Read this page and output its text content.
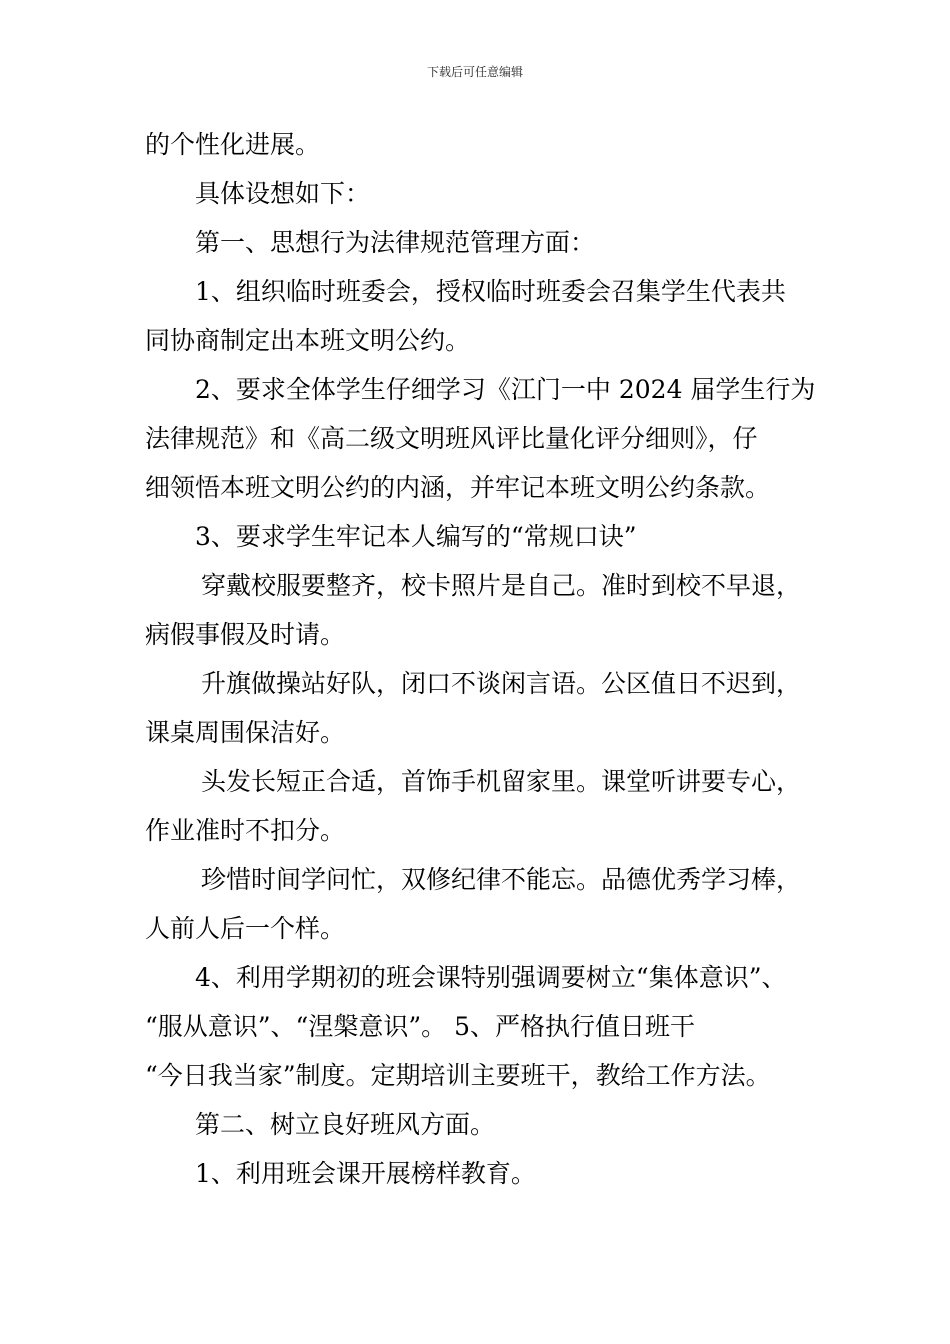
下载后可任意编辑

的个性化进展。

具体设想如下：

第一、思想行为法律规范管理方面：

1、组织临时班委会，授权临时班委会召集学生代表共

同协商制定出本班文明公约。

2、要求全体学生仔细学习《江门一中 2024 届学生行为

法律规范》和《高二级文明班风评比量化评分细则》，仔

细领悟本班文明公约的内涵，并牢记本班文明公约条款。

3、要求学生牢记本人编写的“常规口诀”

穿戴校服要整齐，校卡照片是自己。准时到校不早退，

病假事假及时请。

升旗做操站好队，闭口不谈闲言语。公区值日不迟到，

课桌周围保洁好。

头发长短正合适，首饰手机留家里。课堂听讲要专心，

作业准时不扣分。

珍惜时间学问忙，双修纪律不能忘。品德优秀学习棒，

人前人后一个样。

4、利用学期初的班会课特别强调要树立“集体意识”、

“服从意识”、“涅槃意识”。 5、严格执行值日班干

“今日我当家”制度。定期培训主要班干，教给工作方法。

第二、树立良好班风方面。

1、利用班会课开展榜样教育。
